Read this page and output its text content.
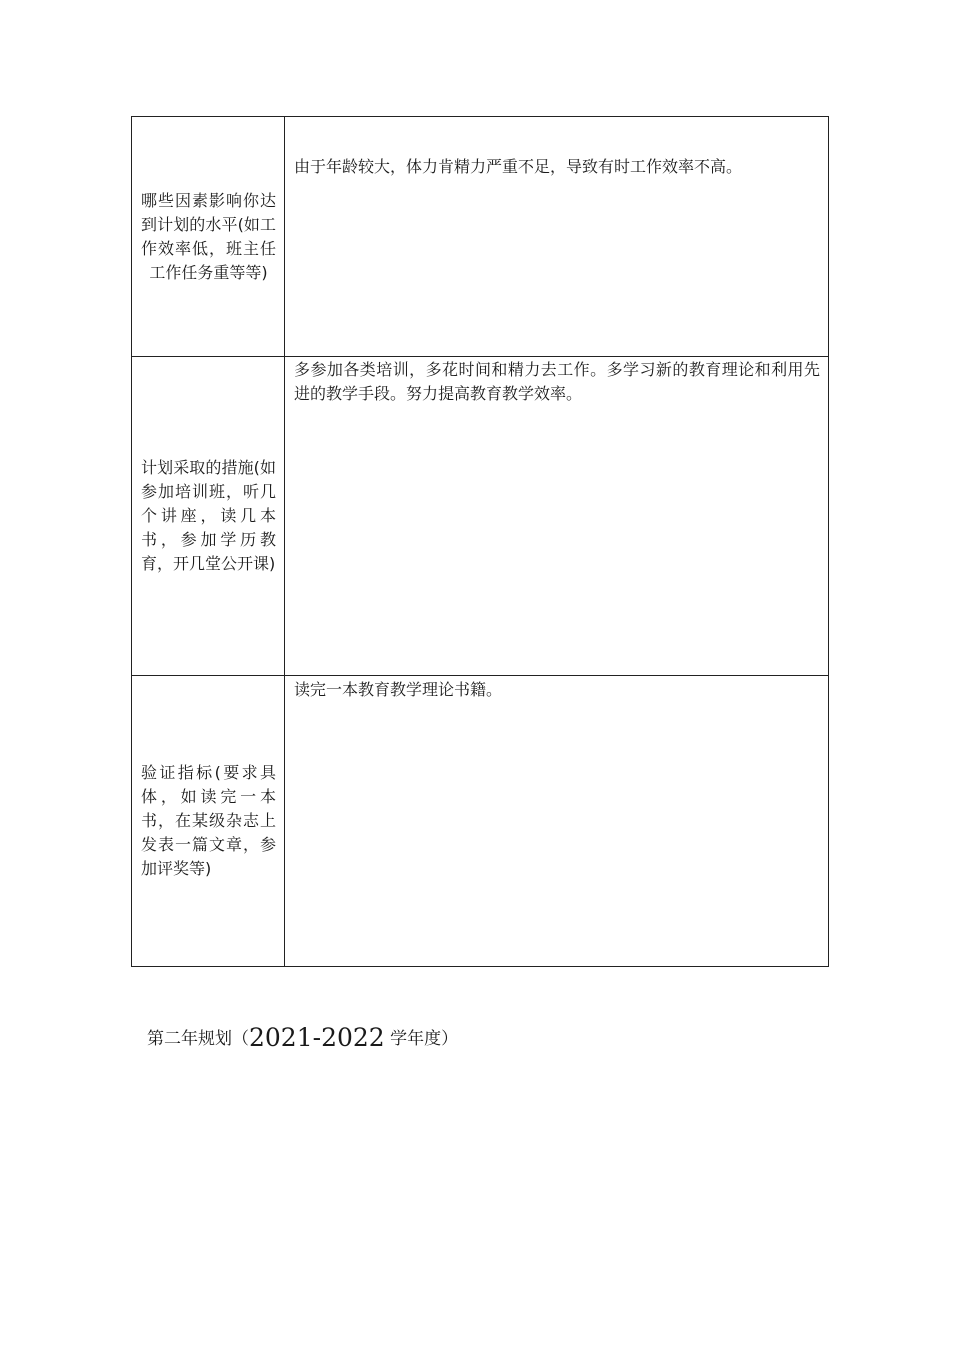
哪些因素影响你达到计划的水平(如工作效率低，班主任工作任务重等等)	由于年龄较大，体力肯精力严重不足，导致有时工作效率不高。

计划采取的措施(如参加培训班，听几个讲座，读几本书，参加学历教育，开几堂公开课)	多参加各类培训，多花时间和精力去工作。多学习新的教育理论和利用先进的教学手段。努力提高教育教学效率。

验证指标(要求具体，如读完一本书，在某级杂志上发表一篇文章，参加评奖等)	读完一本教育教学理论书籍。
第二年规划（2021-2022 学年度）
